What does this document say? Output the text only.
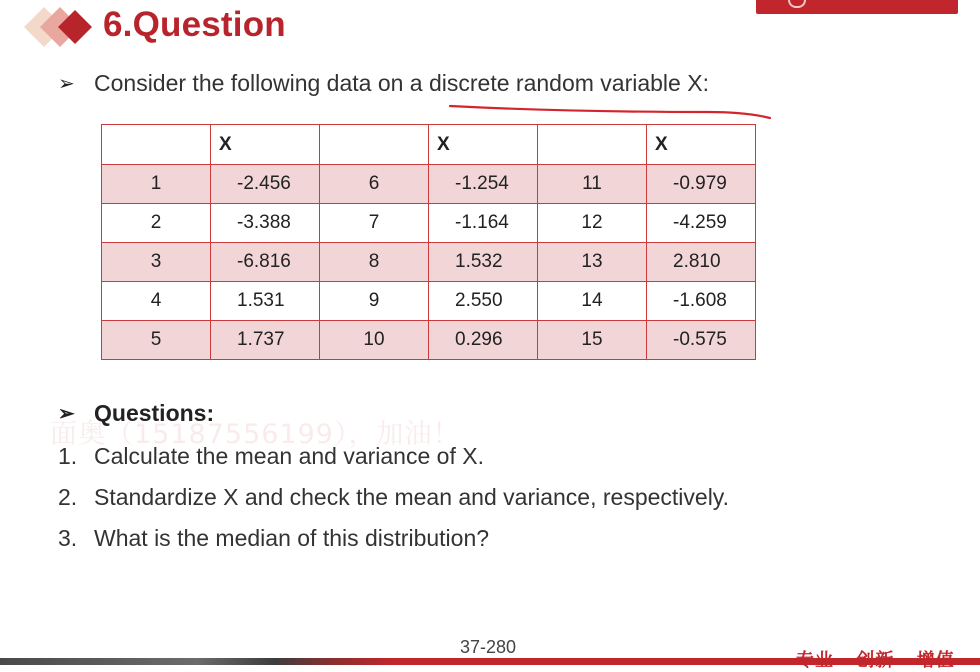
6.Question
➢ Consider the following data on a discrete random variable X:
	X		X		X
1	-2.456	6	-1.254	11	-0.979
2	-3.388	7	-1.164	12	-4.259
3	-6.816	8	1.532	13	2.810
4	1.531	9	2.550	14	-1.608
5	1.737	10	0.296	15	-0.575
面奥（15187556199），加油！
➢ Questions:
1. Calculate the mean and variance of X.
2. Standardize X and check the mean and variance, respectively.
3. What is the median of this distribution?
37-280
